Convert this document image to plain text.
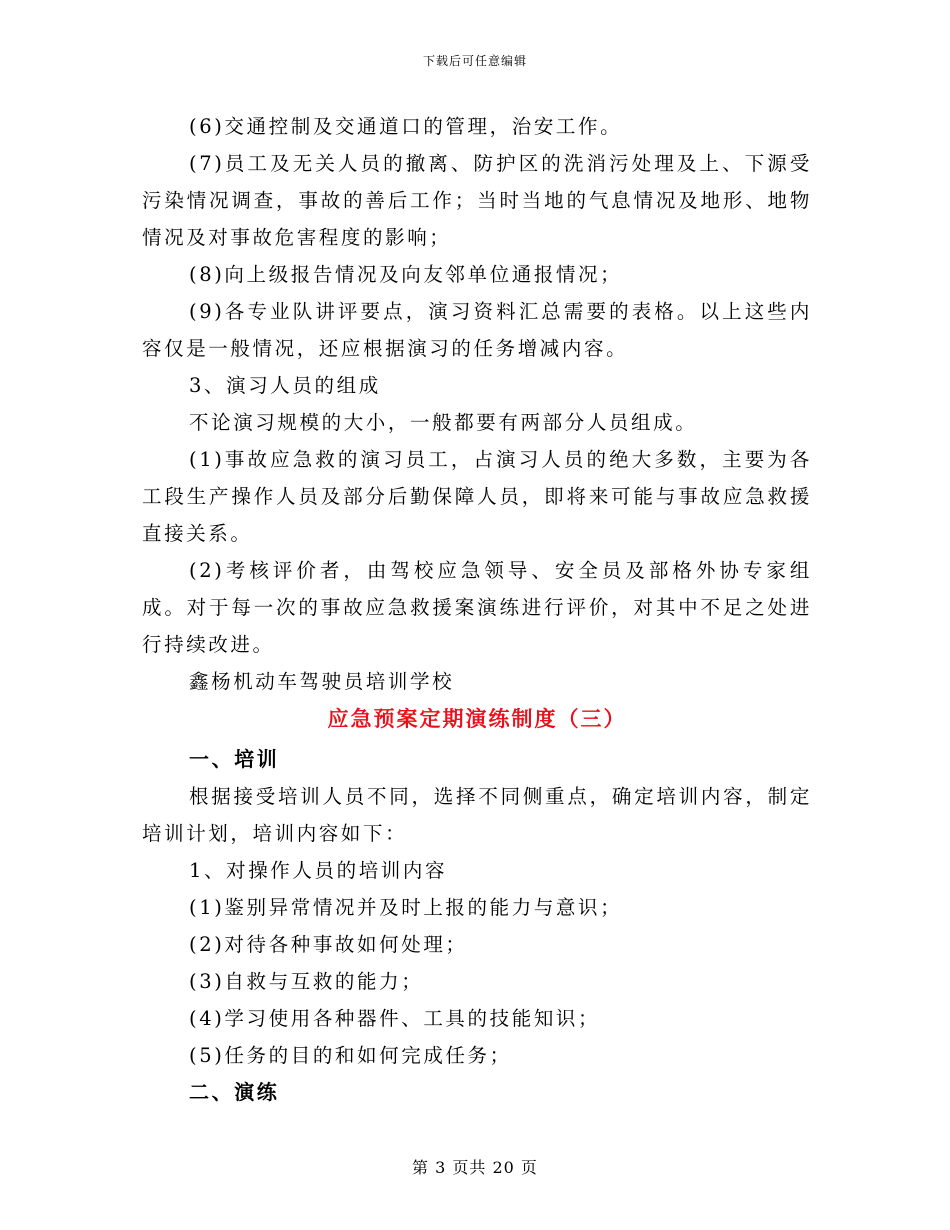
下载后可任意编辑

(6)交通控制及交通道口的管理，治安工作。

(7)员工及无关人员的撤离、防护区的洗消污处理及上、下源受污染情况调查，事故的善后工作；当时当地的气息情况及地形、地物情况及对事故危害程度的影响；

(8)向上级报告情况及向友邻单位通报情况；

(9)各专业队讲评要点，演习资料汇总需要的表格。以上这些内容仅是一般情况，还应根据演习的任务增减内容。

3、演习人员的组成

不论演习规模的大小，一般都要有两部分人员组成。

(1)事故应急救的演习员工，占演习人员的绝大多数，主要为各工段生产操作人员及部分后勤保障人员，即将来可能与事故应急救援直接关系。

(2)考核评价者，由驾校应急领导、安全员及部格外协专家组成。对于每一次的事故应急救援案演练进行评价，对其中不足之处进行持续改进。

鑫杨机动车驾驶员培训学校

应急预案定期演练制度（三）

一、培训

根据接受培训人员不同，选择不同侧重点，确定培训内容，制定培训计划，培训内容如下：

1、对操作人员的培训内容

(1)鉴别异常情况并及时上报的能力与意识；

(2)对待各种事故如何处理；

(3)自救与互救的能力；

(4)学习使用各种器件、工具的技能知识；

(5)任务的目的和如何完成任务；

二、演练

第 3 页共 20 页
